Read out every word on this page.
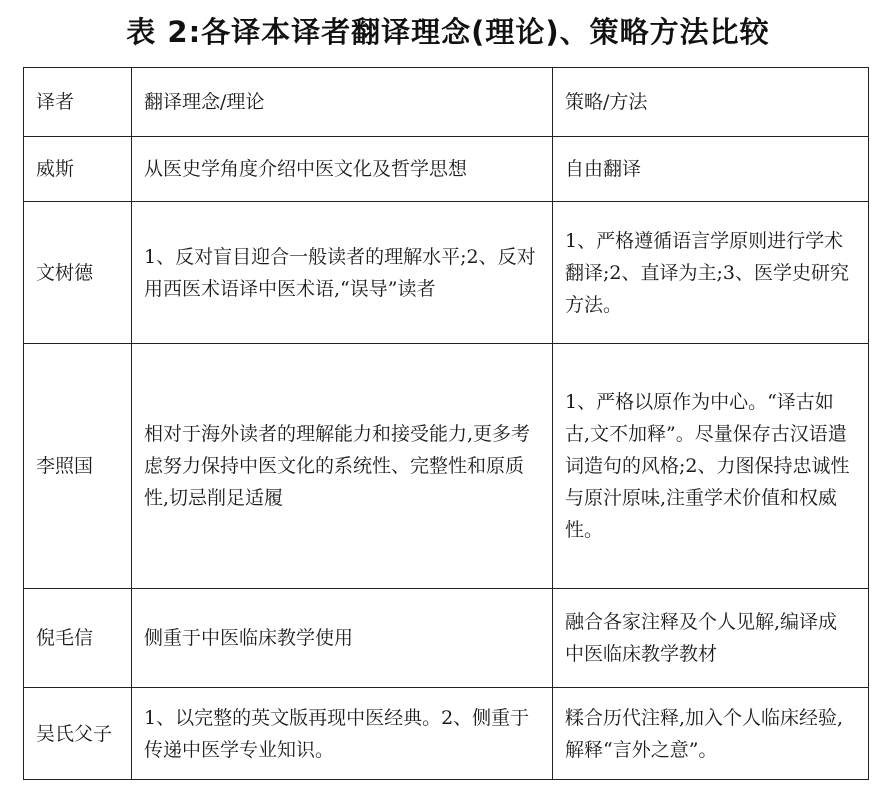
表 2:各译本译者翻译理念(理论)、策略方法比较
译者	翻译理念/理论	策略/方法
威斯	从医史学角度介绍中医文化及哲学思想	自由翻译
文树德	1、反对盲目迎合一般读者的理解水平;2、反对用西医术语译中医术语,“误导”读者	1、严格遵循语言学原则进行学术翻译;2、直译为主;3、医学史研究方法。
李照国	相对于海外读者的理解能力和接受能力,更多考虑努力保持中医文化的系统性、完整性和原质性,切忌削足适履	1、严格以原作为中心。“译古如古,文不加释”。尽量保存古汉语遣词造句的风格;2、力图保持忠诚性与原汁原味,注重学术价值和权威性。
倪毛信	侧重于中医临床教学使用	融合各家注释及个人见解,编译成中医临床教学教材
吴氏父子	1、以完整的英文版再现中医经典。2、侧重于传递中医学专业知识。	糅合历代注释,加入个人临床经验,解释“言外之意”。
